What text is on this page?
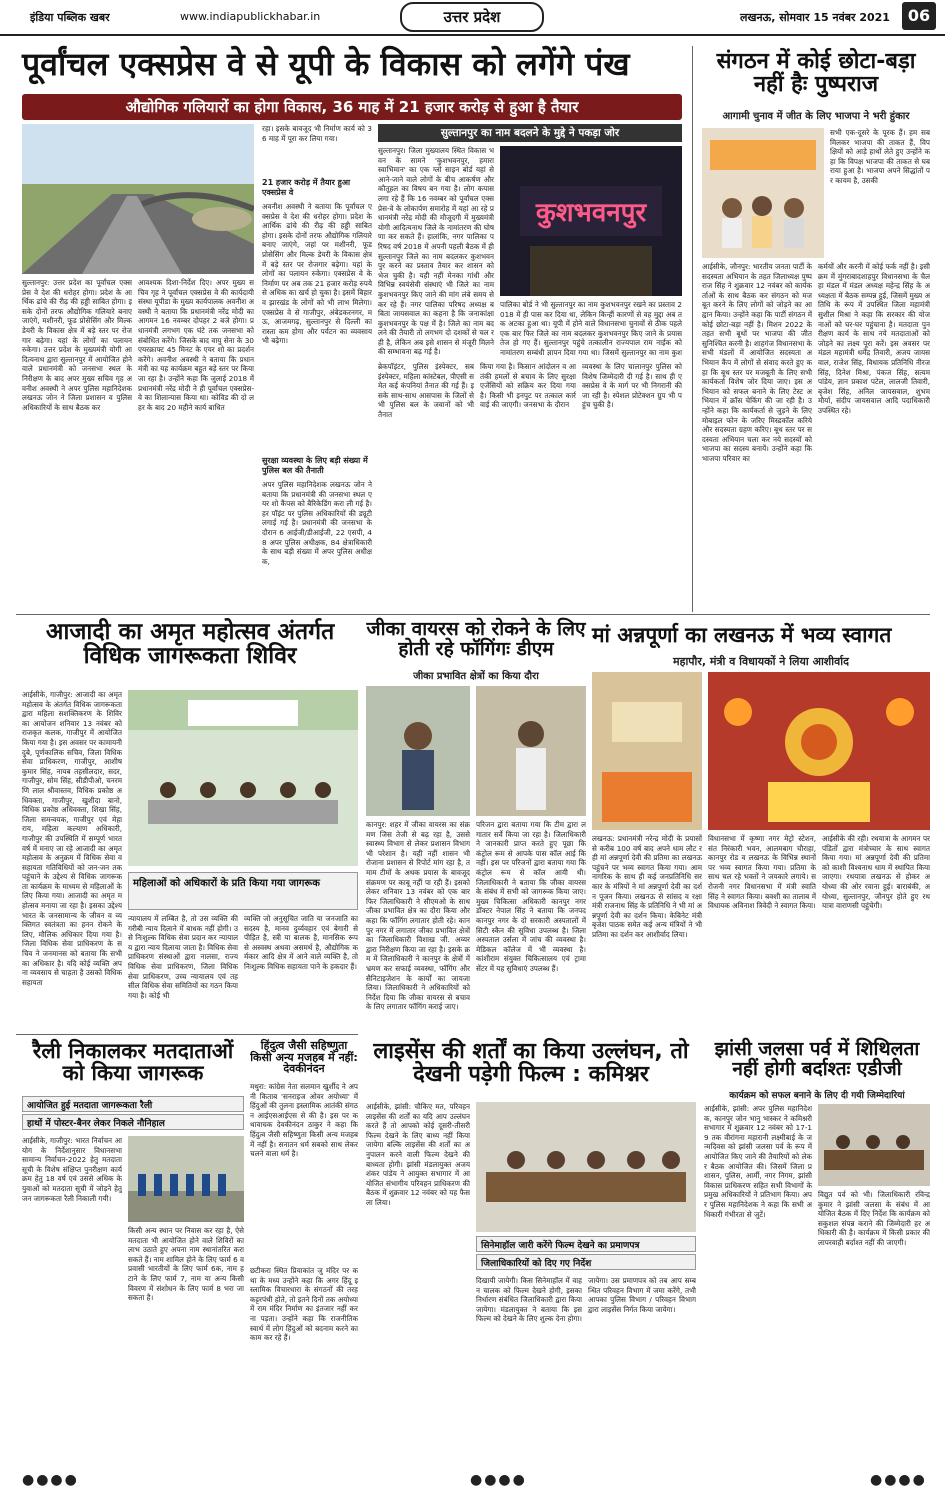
इंडिया पब्लिक खबर	www.indiapublickhabar.in	उत्तर प्रदेश	लखनऊ, सोमवार 15 नवंबर 2021	06
पूर्वांचल एक्सप्रेस वे से यूपी के विकास को लगेंगे पंख
औद्योगिक गलियारों का होगा विकास, 36 माह में 21 हजार करोड़ से हुआ है तैयार
सुल्तानपुर: उत्तर प्रदेश का पूर्वांचल एक्सप्रेस वे देश की धरोहर होगा। प्रदेश के आर्थिक ढांचे की रीढ़ की हड्डी साबित होगा। इसके दोनों तरफ औद्योगिक गलियारे बनाए जाएंगे, मशीनरी, फूड प्रोसेसिंग और मिल्क डेयरी के विकास क्षेत्र में बड़े स्तर पर रोजगार बढ़ेगा। यहां के लोगों का पलायन रुकेगा। उत्तर प्रदेश के मुख्यमंत्री योगी आदित्यनाथ द्वारा सुल्तानपुर में आयोजित होने वाले प्रधानमंत्री को जनसभा स्थल के निरीक्षण के बाद अपर मुख्य सचिव गृह अवनीश अवस्थी ने अपर पुलिस महानिदेशक लखनऊ जोन ने जिला प्रशासन व पुलिस अधिकारियों के साथ बैठक कर
आवश्यक दिशा-निर्देश दिए। अपर मुख्य सचिव गृह ने पूर्वांचल एक्सप्रेस वे की कार्यदायी संस्था यूपीडा के मुख्य कार्यपालक अवनीश अवस्थी ने बताया कि प्रधानमंत्री नरेंद्र मोदी का आगमन 16 नवम्बर दोपहर 2 बजे होगा। प्रधानमंत्री लगभग एक घंटे तक जनसभा को संबोधित करेंगे। जिसके बाद वायु सेना के 30 एयरक्राफ्ट 45 मिनट के एयर शो का प्रदर्शन करेंगे। अवनीश अवस्थी ने बताया कि प्रधानमंत्री का यह कार्यक्रम बहुत बड़े स्तर पर किया जा रहा है। उन्होंने कहा कि जुलाई 2018 में प्रधानमंत्री नरेंद्र मोदी ने ही पूर्वांचल एक्सप्रेस-वे का शिलान्यास किया था। कोविड की दो लहर के बाद 20 महीने कार्य बाधित
रहा। इसके बावजूद भी निर्माण कार्य को 36 माह में पूरा कर लिया गया।
21 हजार करोड़ में तैयार हुआ एक्सप्रेस वे
अवनीश अवस्थी ने बताया कि पूर्वांचल एक्सप्रेस वे देश की धरोहर होगा। प्रदेश के आर्थिक ढांचे की रीढ़ की हड्डी साबित होगा। इसके दोनों तरफ औद्योगिक गलियारे बनाए जाएंगे, जहां पर मशीनरी, फूड प्रोसेसिंग और मिल्क डेयरी के विकास क्षेत्र में बड़े स्तर पर रोजगार बढ़ेगा। यहां के लोगों का पलायन रुकेगा। एक्सप्रेस वे के निर्माण पर अब तक 21 हजार करोड़ रुपये से अधिक का खर्च हो चुका है। इसमें बिहार व झारखंड के लोगों को भी लाभ मिलेगा। एक्सप्रेस वे से गाजीपुर, अंबेडकरनगर, मऊ, आजमगढ़, सुल्तानपुर से दिल्ली का रास्ता कम होगा और पर्यटन का व्यवसाय भी बढ़ेगा।
सुरक्षा व्यवस्था के लिए बड़ी संख्या में पुलिस बल की तैनाती
अपर पुलिस महानिदेशक लखनऊ जोन ने बताया कि प्रधानमंत्री की जनसभा स्थल एयर शो कैंपस को बैरिकेडिंग करा ली गई है। हर पॉइंट पर पुलिस अधिकारियों की ड्यूटी लगाई गई है। प्रधानमंत्री की जनसभा के दौरान 6 आईजी/डीआईजी, 22 एसपी, 48 अपर पुलिस अधीक्षक, 84 क्षेत्राधिकारी के साथ बड़ी संख्या में अपर पुलिस अधीक्षक,
सुल्तानपुर का नाम बदलने के मुद्दे ने पकड़ा जोर
सुल्तानपुर। जिला मुख्यालय स्थित विकास भवन के सामने 'कुशभवनपुर, हमारा स्वाभिमान' का एक ग्लो साइन बोर्ड यहां से आने-जाने वाले लोगों के बीच आकर्षण और कौतूहल का विषय बन गया है। लोग कयास लगा रहे हैं कि 16 नवम्बर को पूर्वांचल एक्सप्रेस-वे के लोकार्पण समारोह में यहां आ रहे प्रधानमंत्री नरेंद्र मोदी की मौजूदगी में मुख्यमंत्री योगी आदित्यनाथ जिले के नामांतरण की घोषणा कर सकते हैं। हालांकि, नगर पालिका परिषद वर्ष 2018 में अपनी पहली बैठक में ही सुल्तानपुर जिले का नाम बदलकर कुशभवनपुर करने का प्रस्ताव तैयार कर शासन को भेज चुकी है। यही नहीं मेनका गांधी और विभिन्न स्वयंसेवी संस्थाएं भी जिले का नाम कुशभवनपुर किए जाने की मांग लंबे समय से कर रहे हैं। नगर पालिका परिषद अध्यक्ष बबिता जायसवाल का कहना है कि जनाकांक्षा कुशभवनपुर के पक्ष में है। जिले का नाम बदलने की तैयारी तो लगभग दो दशकों से चल रही है, लेकिन अब इसे शासन से मंजूरी मिलने की सम्भावना बढ़ गई है।
कुशभवनपुर
पालिका बोर्ड ने भी सुल्तानपुर का नाम कुशभवनपुर रखने का प्रस्ताव 2018 में ही पास कर दिया था, लेकिन किन्हीं कारणों से वह मुद्दा अब तक अटका हुआ था। यूपी में होने वाले विधानसभा चुनावों से ठीक पहले एक बार फिर जिले का नाम बदलकर कुशभवनपुर किए जाने के प्रयास तेज हो गए हैं। सुल्तानपुर पहुंचे तत्कालीन राज्यपाल राम नाईक को नामांतरण सम्बंधी ज्ञापन दिया गया था। जिसमें सुल्तानपुर का नाम कुश
ब्रेकपॉइंटर, पुलिस इंस्पेक्टर, सब इंस्पेक्टर, महिला कांस्टेबल, पीएसी समेत कई कंपनियां तैनात की गई हैं। इसके साथ-साथ आसपास के जिलों से भी पुलिस बल के जवानों को भी तैनात
किया गया है। किसान आंदोलन व आतंकी हमलों से बचाव के लिए सुरक्षा एजेंसियों को सक्रिय कर दिया गया है। किसी भी इनपुट पर तत्काल कार्रवाई की जाएगी। जनसभा के दौरान
व्यवस्था के लिए चालानपुर पुलिस को विशेष जिम्मेदारी दी गई है। साथ ही एक्सप्रेस वे के मार्ग पर भी निगरानी की जा रही है। स्पेशल प्रोटेक्शन ग्रुप भी पहुंच चुकी है।
संगठन में कोई छोटा-बड़ा नहीं हैः पुष्पराज
आगामी चुनाव में जीत के लिए भाजपा ने भरी हुंकार
सभी एक-दूसरे के पूरक हैं। हम सब मिलकर भाजपा की ताकत हैं, विपक्षियों को आड़े हाथों लेते हुए उन्होंने कहा कि विपक्ष भाजपा की ताकत से घबराया हुआ है। भाजपा अपने सिद्धांतों पर कायम है, उसकी
आईसीके, जौनपुर: भारतीय जनता पार्टी के सदस्यता अभियान के तहत जिलाध्यक्ष पुष्पराज सिंह ने शुक्रवार 12 नवंबर को कार्यकर्ताओं के साथ बैठक कर संगठन को मजबूत करने के लिए लोगों को जोड़ने का आह्वान किया। उन्होंने कहा कि पार्टी संगठन में कोई छोटा-बड़ा नहीं है। मिशन 2022 के तहत सभी बूथों पर भाजपा की जीत सुनिश्चित करनी है। शाहगंज विधानसभा के सभी मंडलों में आयोजित सदस्यता अभियान कैंप में लोगों से संवाद करते हुए कहा कि बूथ स्तर पर मजबूती के लिए सभी कार्यकर्ता विशेष जोर दिया जाए। इस अभियान को सफल बनाने के लिए टेस्ट अभियान में क्रॉस चेकिंग की जा रही है। उन्होंने कहा कि कार्यकर्ता से जुड़ने के लिए मोबाइल फोन के जरिए मिस्डकॉल करिये और सदस्यता ग्रहण करिए। बूथ स्तर पर सदस्यता अभियान चला कर नये सदस्यों को भाजपा का सदस्य बनायें। उन्होंने कहा कि भाजपा परिवार का
कर्मयों और करनी में कोई फर्क नहीं है। इसी क्रम में मुंगराबादशाहपुर विधानसभा के चैलहा मंडल में मंडल अध्यक्ष महेन्द्र सिंह के अध्यक्षता में बैठक सम्पन्न हुई, जिसमें मुख्य अतिथि के रूप में उपस्थित जिला महामंत्री सुशील मिश्रा ने कहा कि सरकार की योजनाओं को घर-घर पहुंचाना है। मतदाता पुनरीक्षण कार्य के साथ नये मतदाताओं को जोड़ने का लक्ष्य पूरा करें। इस अवसर पर मंडल महामंत्री धर्मेंद्र तिवारी, अजय जायसवाल, राजेश सिंह, विधायक प्रतिनिधि नीरज सिंह, दिनेश मिश्रा, पंकज सिंह, सत्यम पांडेय, ज्ञान प्रकाश पटेल, लालजी तिवारी, बृजेश सिंह, अनिल जायसवाल, शुभम मौर्या, संदीप जायसवाल आदि पदाधिकारी उपस्थित रहे।
आजादी का अमृत महोत्सव अंतर्गत विधिक जागरूकता शिविर
आईसीके, गाजीपुर: आजादी का अमृत महोत्सव के अंतर्गत विधिक जागरूकता द्वारा महिला सशक्तिकरण के शिविर का आयोजन शनिवार 13 नवंबर को राजकृत कलक, गाजीपुर में आयोजित किया गया है। इस अवसर पर कामायनी दुबे, पूर्णकालिक सचिव, जिला विधिक सेवा प्राधिकरण, गाजीपुर, आशीष कुमार सिंह, नायब तहसीलदार, सदर, गाजीपुर, सोम सिंह, सीडीपीओ, चनरमणि लाल श्रीवास्तव, विधिक प्रकोष्ठ अधिवक्ता, गाजीपुर, खुशीदा बानो, विधिक प्रकोष्ठ अधिवक्ता, शिखा सिंह, जिला समन्वयक, गाजीपुर एवं मेहा राय, महिला कल्याण अधिकारी, गाजीपुर की उपस्थिति में सम्पूर्ण भारतवर्ष में मनाए जा रहे आजादी का अमृत महोत्सव के अनुक्रम में विधिक सेवा व सहायता गतिविधियों को जन-जन तक पहुंचाने के उद्देश्य से विधिक जागरूकता कार्यक्रम के माध्यम से महिलाओं के लिए किया गया। आजादी का अमृत महोत्सव मनाया जा रहा है। इसका उद्देश्य भारत के जनसामान्य के जीवन व व्यक्तिगत स्वतंत्रता का हनन रोकने के लिए, मौलिक अधिकार दिया गया है। जिला विधिक सेवा प्राधिकरण के सचिव ने जनमानस को बताया कि सभी का अधिकार है। यदि कोई व्यक्ति अपना व्यवसाय से चाहता है उसको विधिक सहायता
महिलाओं को अधिकारों के प्रति किया गया जागरूक
न्यायालय में लम्बित है, तो उस व्यक्ति की गरीबी न्याय दिलाने में बाधक नहीं होगी। उसे निःशुल्क विधिक सेवा प्रदान कर न्यायालय द्वारा न्याय दिलाया जाता है। विधिक सेवा प्राधिकरण संस्थाओं द्वारा नालसा, राज्य विधिक सेवा प्राधिकरण, जिला विधिक सेवा प्राधिकरण, उच्च न्यायालय एवं तहसील विधिक सेवा समितियों का गठन किया गया है। कोई भी
व्यक्ति जो अनुसूचित जाति या जनजाति का सदस्य है, मानव दुर्व्यवहार एवं बेगारी से पीड़ित है, स्त्री या बालक है, मानसिक रूप से अस्वस्थ अथवा असमर्थ है, औद्योगिक कर्मकार आदि क्षेत्र में आने वाले व्यक्ति है, तो निःशुल्क विधिक सहायता पाने के हकदार हैं।
जीका वायरस को रोकने के लिए होती रहे फॉगिंगः डीएम
जीका प्रभावित क्षेत्रों का किया दौरा
कानपुर: शहर में जीका वायरस का संक्रमण जिस तेजी से बढ़ रहा है, उससे स्वास्थ्य विभाग से लेकर प्रशासन विभाग भी परेशान है। यही नहीं शासन भी रोजाना प्रशासन से रिपोर्ट मांग रहा है, तमाम टीमों के अथक प्रयास के बावजूद संक्रमण पर काबू नहीं पा रही हैं। इसको लेकर शनिवार 13 नवंबर को एक बार फिर जिलाधिकारी ने सीएमओ के साथ जीका प्रभावित क्षेत्र का दौरा किया और कहा कि फॉगिंग लगातार होती रहे। कानपुर नगर में लगातार जीका प्रभावित क्षेत्रों का जिलाधिकारी विशाख जी. अय्यर द्वारा निरीक्षण किया जा रहा है। इसके क्रम में जिलाधिकारी ने कानपुर के क्षेत्रों में भ्रमण कर सफाई व्यवस्था, फॉगिंग और सैनिटाइजेशन के कार्यों का जायजा लिया। जिलाधिकारी ने अधिकारियों को निर्देश दिया कि जीका वायरस से बचाव के लिए लगातार फॉगिंग कराई जाए।
परिजन द्वारा बताया गया कि टीम द्वारा लगातार सर्वे किया जा रहा है। जिलाधिकारी ने जानकारी प्राप्त करते हुए पूछा कि कंट्रोल रूम से आपके पास कॉल आई कि नहीं। इस पर परिजनों द्वारा बताया गया कि कंट्रोल रूम से कॉल आयी थी। जिलाधिकारी ने बताया कि जीका वायरस के संबंध में सभी को जागरूक किया जाए। मुख्य चिकित्सा अधिकारी कानपुर नगर डॉक्टर नेपाल सिंह ने बताया कि जनपद कानपुर नगर के दो सरकारी अस्पतालों में सिटी स्कैन की सुविधा उपलब्ध है। जिला अस्पताल उर्सला में जांच की व्यवस्था है। मेडिकल कॉलेज में भी व्यवस्था है। कांशीराम संयुक्त चिकित्सालय एवं ट्रामा सेंटर में यह सुविधाएं उपलब्ध हैं।
मां अन्नपूर्णा का लखनऊ में भव्य स्वागत
महापौर, मंत्री व विधायकों ने लिया आशीर्वाद
लखनऊ: प्रधानमंत्री नरेन्द्र मोदी के प्रयासों से करीब 100 वर्ष बाद अपने धाम लौट रही मां अन्नपूर्णा देवी की प्रतिमा का लखनऊ पहुंचने पर भव्य स्वागत किया गया। आम नागरिक के साथ ही कई जनप्रतिनिधि सरकार के मंत्रियों ने मां अन्नपूर्णा देवी का दर्शन पूजन किया। लखनऊ से सांसद व रक्षा मंत्री राजनाथ सिंह के प्रतिनिधि ने भी मां अन्नपूर्णा देवी का दर्शन किया। केबिनेट मंत्री बृजेश पाठक समेत कई अन्य मंत्रियों ने भी प्रतिमा का दर्शन कर आशीर्वाद लिया।
विधानसभा में कृष्णा नगर मेट्रो स्टेशन, संत निरंकारी भवन, आलमबाग चौराहा, कानपुर रोड व लखनऊ के विभिन्न स्थानों पर भव्य स्वागत किया गया। प्रतिमा के साथ चल रहे भक्तों ने जयकारे लगाये। सरोजनी नगर विधानसभा में मंत्री स्वाति सिंह ने स्वागत किया। बक्शी का तालाब में विधायक अविनाश त्रिवेदी ने स्वागत किया।
आईसीके की रही। रथयात्रा के आगमन पर पंडितों द्वारा मंत्रोच्चार के साथ स्वागत किया गया। मां अन्नपूर्णा देवी की प्रतिमा को काशी विश्वनाथ धाम में स्थापित किया जाएगा। रथयात्रा लखनऊ से होकर अयोध्या की ओर रवाना हुई। बाराबंकी, अयोध्या, सुल्तानपुर, जौनपुर होते हुए रथयात्रा वाराणसी पहुंचेगी।
रैली निकालकर मतदाताओं को किया जागरूक
आयोजित हुई मतदाता जागरूकता रैली
हाथों में पोस्टर-बैनर लेकर निकले नौनिहाल
आईसीके, गाजीपुर: भारत निर्वाचन आयोग के निर्देशानुसार विधानसभा सामान्य निर्वाचन-2022 हेतु मतदाता सूची के विशेष संक्षिप्त पुनरीक्षण कार्यक्रम हेतु 18 वर्ष एवं उससे अधिक के युवाओं को मतदाता सूची में जोड़ने हेतु जन जागरूकता रैली निकाली गयी।
किसी अन्य स्थान पर निवास कर रहा है, ऐसे मतदाता भी आयोजित होने वाले शिविरों का लाभ उठाते हुए अपना नाम स्थानांतरित करा सकते हैं। नाम शामिल होने के लिए फार्म 6 व प्रवासी भारतीयों के लिए फार्म 6क, नाम हटाने के लिए फार्म 7, नाम या अन्य किसी विवरण में संशोधन के लिए फार्म 8 भरा जा सकता है।
हिंदुत्व जैसी सहिष्णुता किसी अन्य मजहब में नहीं: देवकीनंदन
मथुरा: कांग्रेस नेता सलमान खुर्शीद ने अपनी किताब 'सनराइज ओवर अयोध्या' में हिंदुओं की तुलना इस्लामिक आतंकी संगठन आईएसआईएस से की है। इस पर कथावाचक देवकीनंदन ठाकुर ने कहा कि हिंदुत्व जैसी सहिष्णुता किसी अन्य मजहब में नहीं है। सनातन धर्म सबको साथ लेकर चलने वाला धर्म है।
छटीकरा स्थित प्रियाकांत जु मंदिर पर कथा के मध्य उन्होंने कहा कि अगर हिंदू इस्लामिक विचारधारा के संगठनों की तरह कट्टरपंथी होते, तो इतने दिनों तक अयोध्या में राम मंदिर निर्माण का इंतजार नहीं करना पड़ता। उन्होंने कहा कि राजनीतिक स्वार्थ में लोग हिंदुओं को बदनाम करने का काम कर रहे हैं।
लाइसेंस की शर्तों का किया उल्लंघन, तो देखनी पड़ेगी फिल्म : कमिश्नर
आईसीके, झांसी: चौकिए मत, परिवहन लाइसेंस की शर्तों का यदि आप उल्लंघन करते हैं तो आपको कोई दूसरी-तीसरी फिल्म देखने के लिए बाध्य नहीं किया जायेगा बल्कि लाइसेंस की शर्तों का अनुपालन करने वाली फिल्म देखने की बाध्यता होगी। झांसी मंडलायुक्त अजय शंकर पांडेय ने आयुक्त सभागार में आयोजित संभागीय परिवहन प्राधिकरण की बैठक में शुक्रवार 12 नवंबर को यह फैसला लिया।
सिनेमाहॉल जारी करेंगे फिल्म देखने का प्रमाणपत्र
जिलाधिकारियों को दिए गए निर्देश
दिखायी जायेगी। किस सिनेमाहॉल में वाहन चालक को फिल्म देखने होगी, इसका निर्धारण संबंधित जिलाधिकारी द्वारा किया जायेगा। मंडलायुक्त ने बताया कि इस फिल्म को देखने के लिए शुल्क देना होगा।
जायेगा। उस प्रमाणपत्र को तब आप सम्बन्धित परिवहन विभाग में जमा करेंगे, तभी आपका पुलिस विभाग / परिवहन विभाग द्वारा लाइसेंस निर्गत किया जायेगा।
झांसी जलसा पर्व में शिथिलता नहीं होगी बर्दाश्तः एडीजी
कार्यक्रम को सफल बनाने के लिए दी गयी जिम्मेदारियां
आईसीके, झांसी: अपर पुलिस महानिदेशक, कानपुर जोन भानु भास्कर ने कमिश्नरी सभागार में शुक्रवार 12 नवंबर को 17-19 तक वीरांगना महारानी लक्ष्मीबाई के जन्मदिवस को झांसी जलसा पर्व के रूप में आयोजित किए जाने की तैयारियों को लेकर बैठक आयोजित की। जिसमें जिला प्रशासन, पुलिस, आर्मी, नगर निगम, झांसी विकास प्राधिकरण सहित सभी विभागों के प्रमुख अधिकारियों ने प्रतिभाग किया। अपर पुलिस महानिदेशक ने कहा कि सभी अधिकारी गंभीरता से जुटें।
विद्युत पर्व को भी। जिलाधिकारी रविन्द्र कुमार ने झांसी जलसा के संबंध में आयोजित बैठक में दिए निर्देश कि कार्यक्रम को सकुशल संपन्न कराने की जिम्मेदारी हर अधिकारी की है। कार्यक्रम में किसी प्रकार की लापरवाही बर्दाश्त नहीं की जाएगी।
●●●●	●●●●	●●●●
